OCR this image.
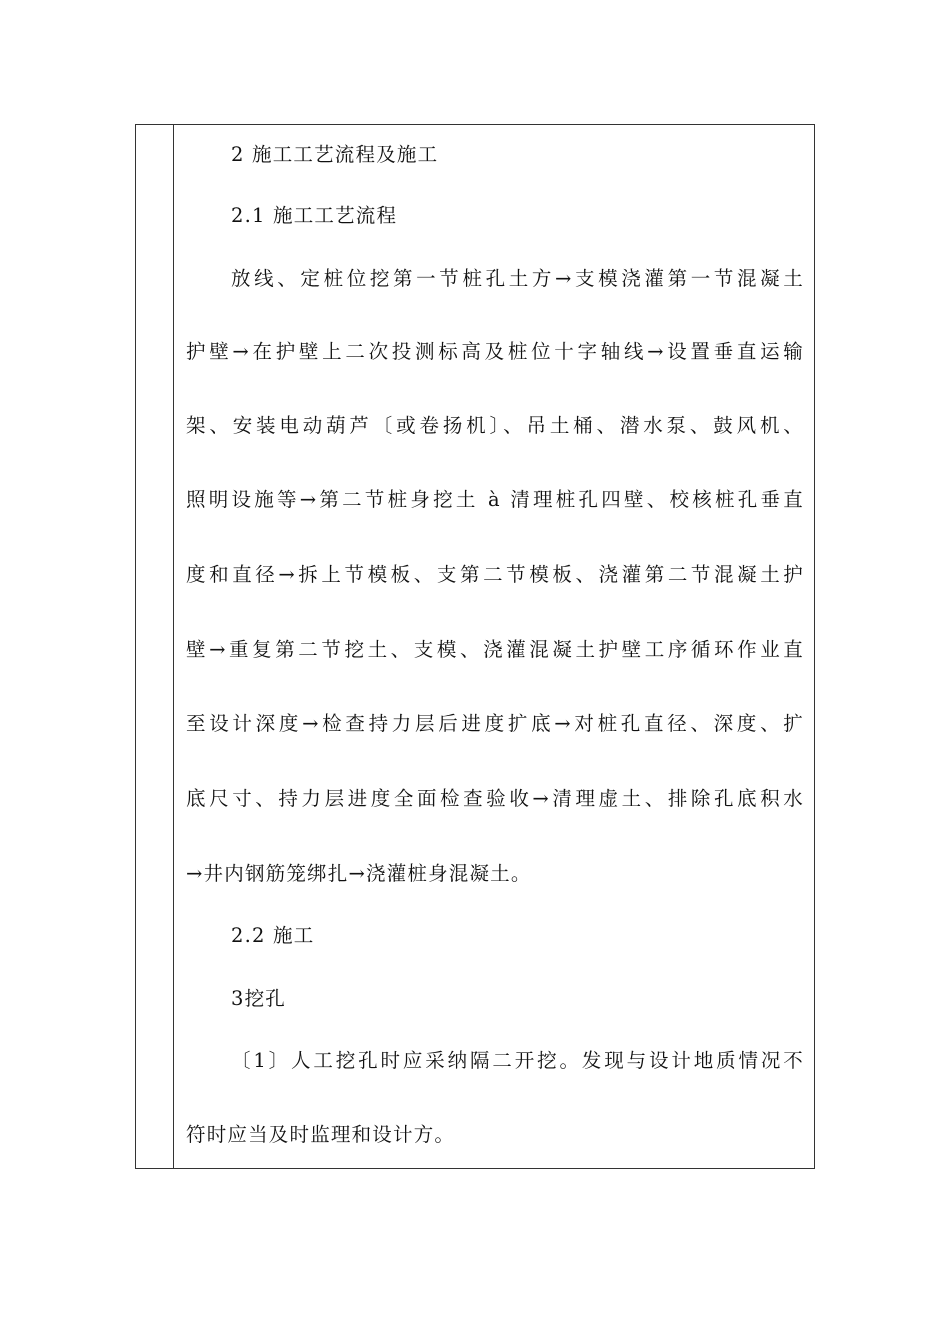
2 施工工艺流程及施工
2.1 施工工艺流程
放线、定桩位挖第一节桩孔土方→支模浇灌第一节混凝土
护壁→在护壁上二次投测标高及桩位十字轴线→设置垂直运输
架、安装电动葫芦〔或卷扬机〕、吊土桶、潜水泵、鼓风机、
照明设施等→第二节桩身挖土 à 清理桩孔四壁、校核桩孔垂直
度和直径→拆上节模板、支第二节模板、浇灌第二节混凝土护
壁→重复第二节挖土、支模、浇灌混凝土护壁工序循环作业直
至设计深度→检查持力层后进度扩底→对桩孔直径、深度、扩
底尺寸、持力层进度全面检查验收→清理虚土、排除孔底积水
→井内钢筋笼绑扎→浇灌桩身混凝土。
2.2 施工
3挖孔
〔1〕人工挖孔时应采纳隔二开挖。发现与设计地质情况不
符时应当及时监理和设计方。
